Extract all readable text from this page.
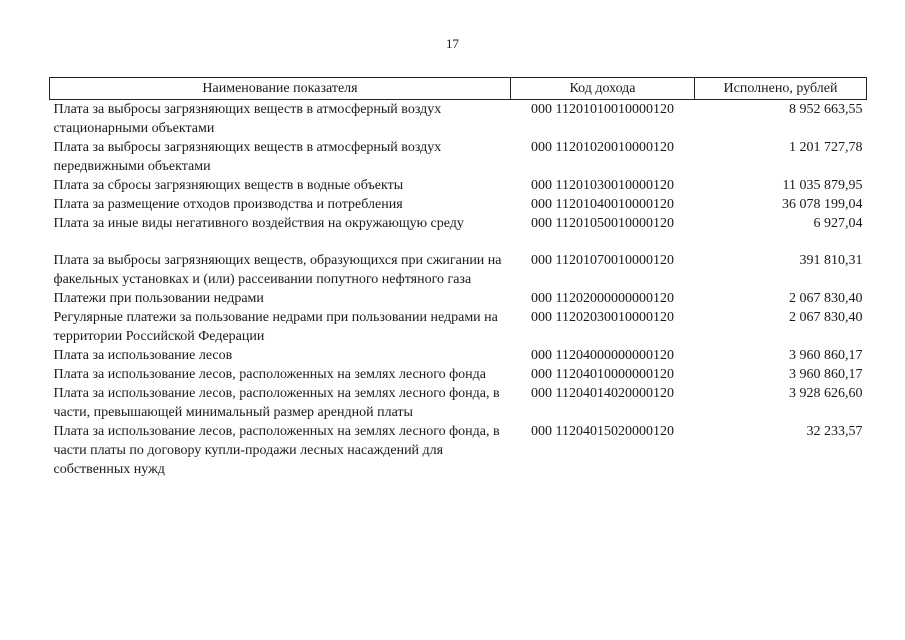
17
Наименование показателя	Код дохода	Исполнено, рублей
Плата за выбросы загрязняющих веществ в атмосферный воздух стационарными объектами	000 11201010010000120	8 952 663,55
Плата за выбросы загрязняющих веществ в атмосферный воздух передвижными объектами	000 11201020010000120	1 201 727,78
Плата за сбросы загрязняющих веществ в водные объекты	000 11201030010000120	11 035 879,95
Плата за размещение отходов производства и потребления	000 11201040010000120	36 078 199,04
Плата за иные виды негативного воздействия на окружающую среду	000 11201050010000120	6 927,04
Плата за выбросы загрязняющих веществ, образующихся при сжигании на факельных установках и (или) рассеивании попутного нефтяного газа	000 11201070010000120	391 810,31
Платежи при пользовании недрами	000 11202000000000120	2 067 830,40
Регулярные платежи за пользование недрами при пользовании недрами на территории Российской Федерации	000 11202030010000120	2 067 830,40
Плата за использование лесов	000 11204000000000120	3 960 860,17
Плата за использование лесов, расположенных на землях лесного фонда	000 11204010000000120	3 960 860,17
Плата за использование лесов, расположенных на землях лесного фонда, в части, превышающей минимальный размер арендной платы	000 11204014020000120	3 928 626,60
Плата за использование лесов, расположенных на землях лесного фонда, в части платы по договору купли-продажи лесных насаждений для собственных нужд	000 11204015020000120	32 233,57
